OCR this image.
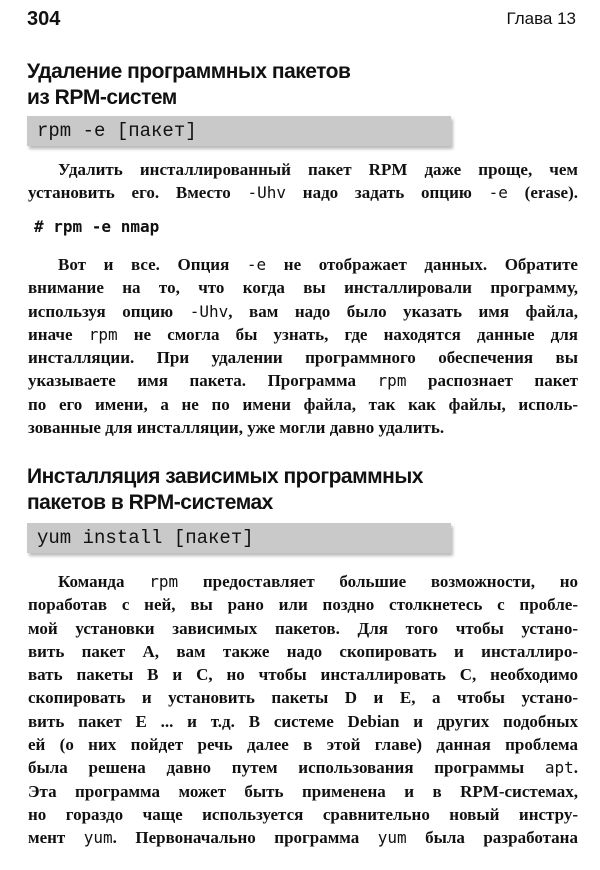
304	Глава 13
Удаление программных пакетов
из RPM-систем
rpm -e [пакет]
Удалить инсталлированный пакет RPM даже проще, чем
установить его. Вместо -Uhv надо задать опцию -e (erase).
# rpm -e nmap
Вот и все. Опция -e не отображает данных. Обратите
внимание на то, что когда вы инсталлировали программу,
используя опцию -Uhv, вам надо было указать имя файла,
иначе rpm не смогла бы узнать, где находятся данные для
инсталляции. При удалении программного обеспечения вы
указываете имя пакета. Программа rpm распознает пакет
по его имени, а не по имени файла, так как файлы, исполь-
зованные для инсталляции, уже могли давно удалить.
Инсталляция зависимых программных
пакетов в RPM-системах
yum install [пакет]
Команда rpm предоставляет большие возможности, но
поработав с ней, вы рано или поздно столкнетесь с пробле-
мой установки зависимых пакетов. Для того чтобы устано-
вить пакет A, вам также надо скопировать и инсталлиро-
вать пакеты B и C, но чтобы инсталлировать C, необходимо
скопировать и установить пакеты D и E, а чтобы устано-
вить пакет E ... и т.д. В системе Debian и других подобных
ей (о них пойдет речь далее в этой главе) данная проблема
была решена давно путем использования программы apt.
Эта программа может быть применена и в RPM-системах,
но гораздо чаще используется сравнительно новый инстру-
мент yum. Первоначально программа yum была разработана
